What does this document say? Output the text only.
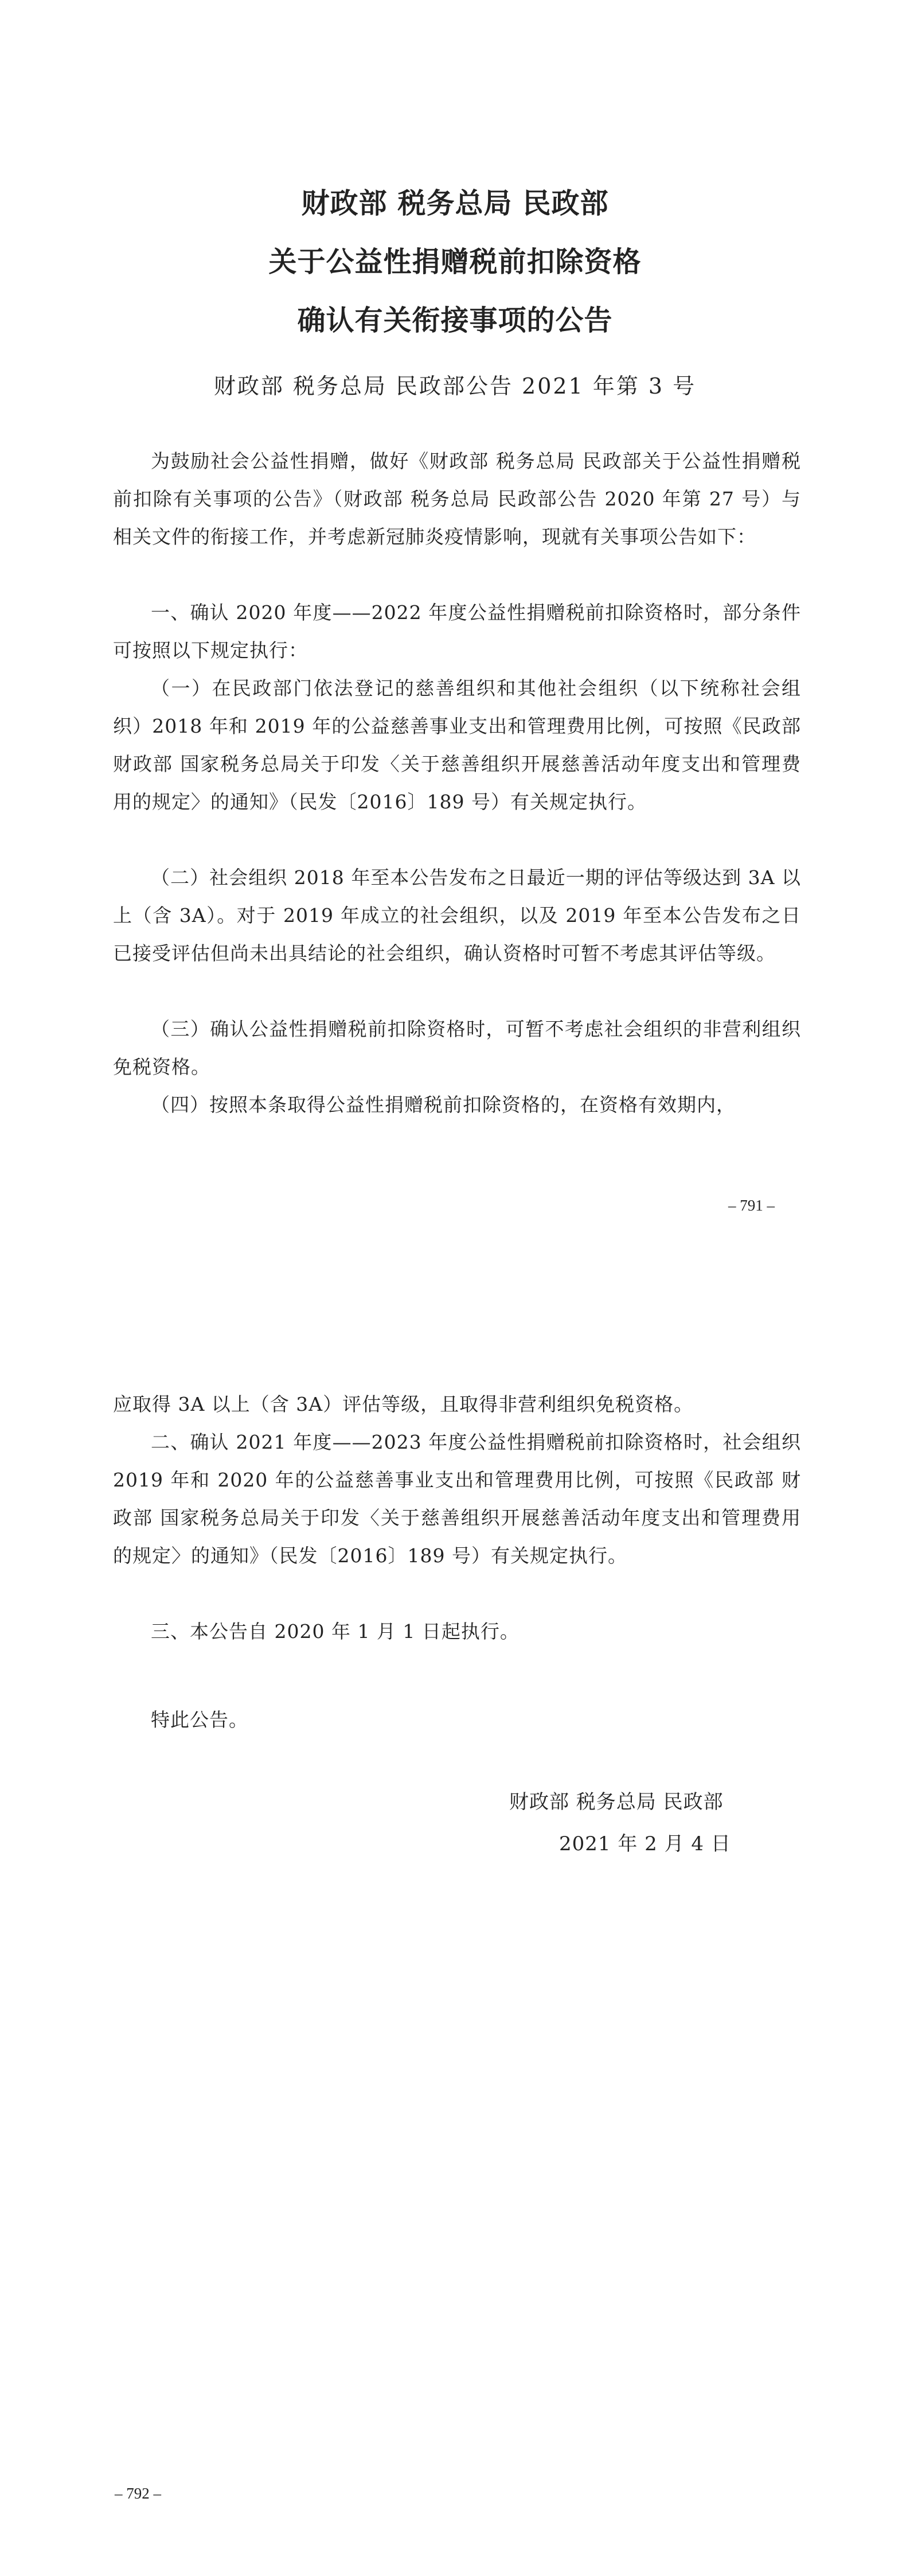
财政部 税务总局 民政部
关于公益性捐赠税前扣除资格
确认有关衔接事项的公告
财政部 税务总局 民政部公告 2021 年第 3 号

为鼓励社会公益性捐赠，做好《财政部 税务总局 民政部关于公益性捐赠税前扣除有关事项的公告》（财政部 税务总局 民政部公告 2020 年第 27 号）与相关文件的衔接工作，并考虑新冠肺炎疫情影响，现就有关事项公告如下：

一、确认 2020 年度——2022 年度公益性捐赠税前扣除资格时，部分条件可按照以下规定执行：

（一）在民政部门依法登记的慈善组织和其他社会组织（以下统称社会组织）2018 年和 2019 年的公益慈善事业支出和管理费用比例，可按照《民政部 财政部 国家税务总局关于印发〈关于慈善组织开展慈善活动年度支出和管理费用的规定〉的通知》（民发〔2016〕189 号）有关规定执行。

（二）社会组织 2018 年至本公告发布之日最近一期的评估等级达到 3A 以上（含 3A）。对于 2019 年成立的社会组织，以及 2019 年至本公告发布之日已接受评估但尚未出具结论的社会组织，确认资格时可暂不考虑其评估等级。

（三）确认公益性捐赠税前扣除资格时，可暂不考虑社会组织的非营利组织免税资格。

（四）按照本条取得公益性捐赠税前扣除资格的，在资格有效期内，

– 791 –

应取得 3A 以上（含 3A）评估等级，且取得非营利组织免税资格。

二、确认 2021 年度——2023 年度公益性捐赠税前扣除资格时，社会组织 2019 年和 2020 年的公益慈善事业支出和管理费用比例，可按照《民政部 财政部 国家税务总局关于印发〈关于慈善组织开展慈善活动年度支出和管理费用的规定〉的通知》（民发〔2016〕189 号）有关规定执行。

三、本公告自 2020 年 1 月 1 日起执行。

特此公告。

财政部 税务总局 民政部
2021 年 2 月 4 日
– 792 –
